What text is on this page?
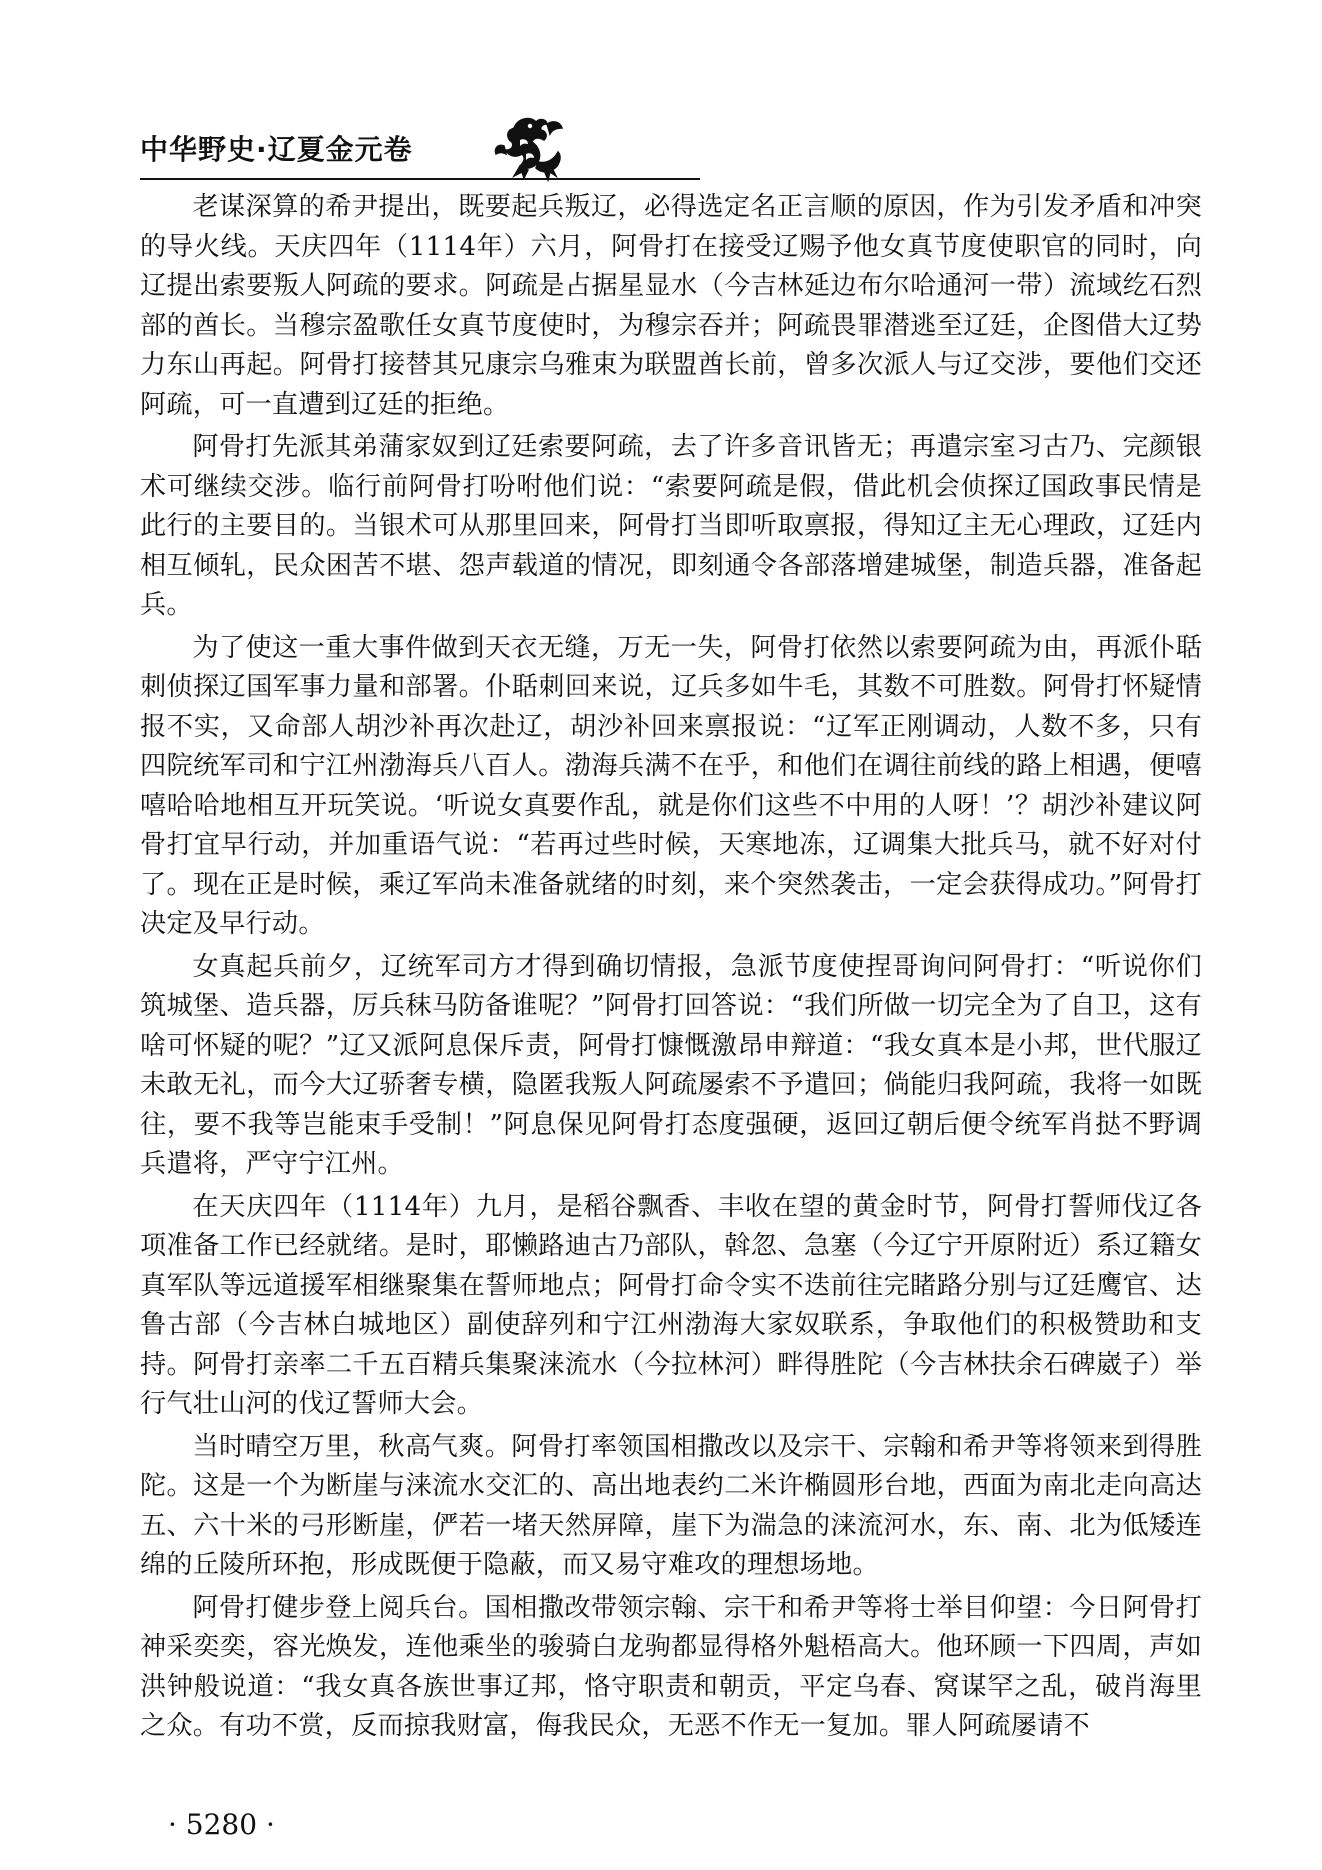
中华野史·辽夏金元卷

老谋深算的希尹提出，既要起兵叛辽，必得选定名正言顺的原因，作为引发矛盾和冲突的导火线。天庆四年（1114年）六月，阿骨打在接受辽赐予他女真节度使职官的同时，向辽提出索要叛人阿疏的要求。阿疏是占据星显水（今吉林延边布尔哈通河一带）流域纥石烈部的酋长。当穆宗盈歌任女真节度使时，为穆宗吞并；阿疏畏罪潜逃至辽廷，企图借大辽势力东山再起。阿骨打接替其兄康宗乌雅束为联盟酋长前，曾多次派人与辽交涉，要他们交还阿疏，可一直遭到辽廷的拒绝。

阿骨打先派其弟蒲家奴到辽廷索要阿疏，去了许多音讯皆无；再遣宗室习古乃、完颜银术可继续交涉。临行前阿骨打吩咐他们说：“索要阿疏是假，借此机会侦探辽国政事民情是此行的主要目的。当银术可从那里回来，阿骨打当即听取禀报，得知辽主无心理政，辽廷内相互倾轧，民众困苦不堪、怨声载道的情况，即刻通令各部落增建城堡，制造兵器，准备起兵。

为了使这一重大事件做到天衣无缝，万无一失，阿骨打依然以索要阿疏为由，再派仆聒刺侦探辽国军事力量和部署。仆聒刺回来说，辽兵多如牛毛，其数不可胜数。阿骨打怀疑情报不实，又命部人胡沙补再次赴辽，胡沙补回来禀报说：“辽军正刚调动，人数不多，只有四院统军司和宁江州渤海兵八百人。渤海兵满不在乎，和他们在调往前线的路上相遇，便嘻嘻哈哈地相互开玩笑说。‘听说女真要作乱，就是你们这些不中用的人呀！’？胡沙补建议阿骨打宜早行动，并加重语气说：“若再过些时候，天寒地冻，辽调集大批兵马，就不好对付了。现在正是时候，乘辽军尚未准备就绪的时刻，来个突然袭击，一定会获得成功。”阿骨打决定及早行动。

女真起兵前夕，辽统军司方才得到确切情报，急派节度使捏哥询问阿骨打：“听说你们筑城堡、造兵器，厉兵秣马防备谁呢？”阿骨打回答说：“我们所做一切完全为了自卫，这有啥可怀疑的呢？”辽又派阿息保斥责，阿骨打慷慨激昂申辩道：“我女真本是小邦，世代服辽未敢无礼，而今大辽骄奢专横，隐匿我叛人阿疏屡索不予遣回；倘能归我阿疏，我将一如既往，要不我等岂能束手受制！”阿息保见阿骨打态度强硬，返回辽朝后便令统军肖挞不野调兵遣将，严守宁江州。

在天庆四年（1114年）九月，是稻谷飘香、丰收在望的黄金时节，阿骨打誓师伐辽各项准备工作已经就绪。是时，耶懒路迪古乃部队，斡忽、急塞（今辽宁开原附近）系辽籍女真军队等远道援军相继聚集在誓师地点；阿骨打命令实不迭前往完睹路分别与辽廷鹰官、达鲁古部（今吉林白城地区）副使辞列和宁江州渤海大家奴联系，争取他们的积极赞助和支持。阿骨打亲率二千五百精兵集聚涞流水（今拉林河）畔得胜陀（今吉林扶余石碑崴子）举行气壮山河的伐辽誓师大会。

当时晴空万里，秋高气爽。阿骨打率领国相撒改以及宗干、宗翰和希尹等将领来到得胜陀。这是一个为断崖与涞流水交汇的、高出地表约二米许椭圆形台地，西面为南北走向高达五、六十米的弓形断崖，俨若一堵天然屏障，崖下为湍急的涞流河水，东、南、北为低矮连绵的丘陵所环抱，形成既便于隐蔽，而又易守难攻的理想场地。

阿骨打健步登上阅兵台。国相撒改带领宗翰、宗干和希尹等将士举目仰望：今日阿骨打神采奕奕，容光焕发，连他乘坐的骏骑白龙驹都显得格外魁梧高大。他环顾一下四周，声如洪钟般说道：“我女真各族世事辽邦，恪守职责和朝贡，平定乌春、窝谋罕之乱，破肖海里之众。有功不赏，反而掠我财富，侮我民众，无恶不作无一复加。罪人阿疏屡请不

· 5280 ·
